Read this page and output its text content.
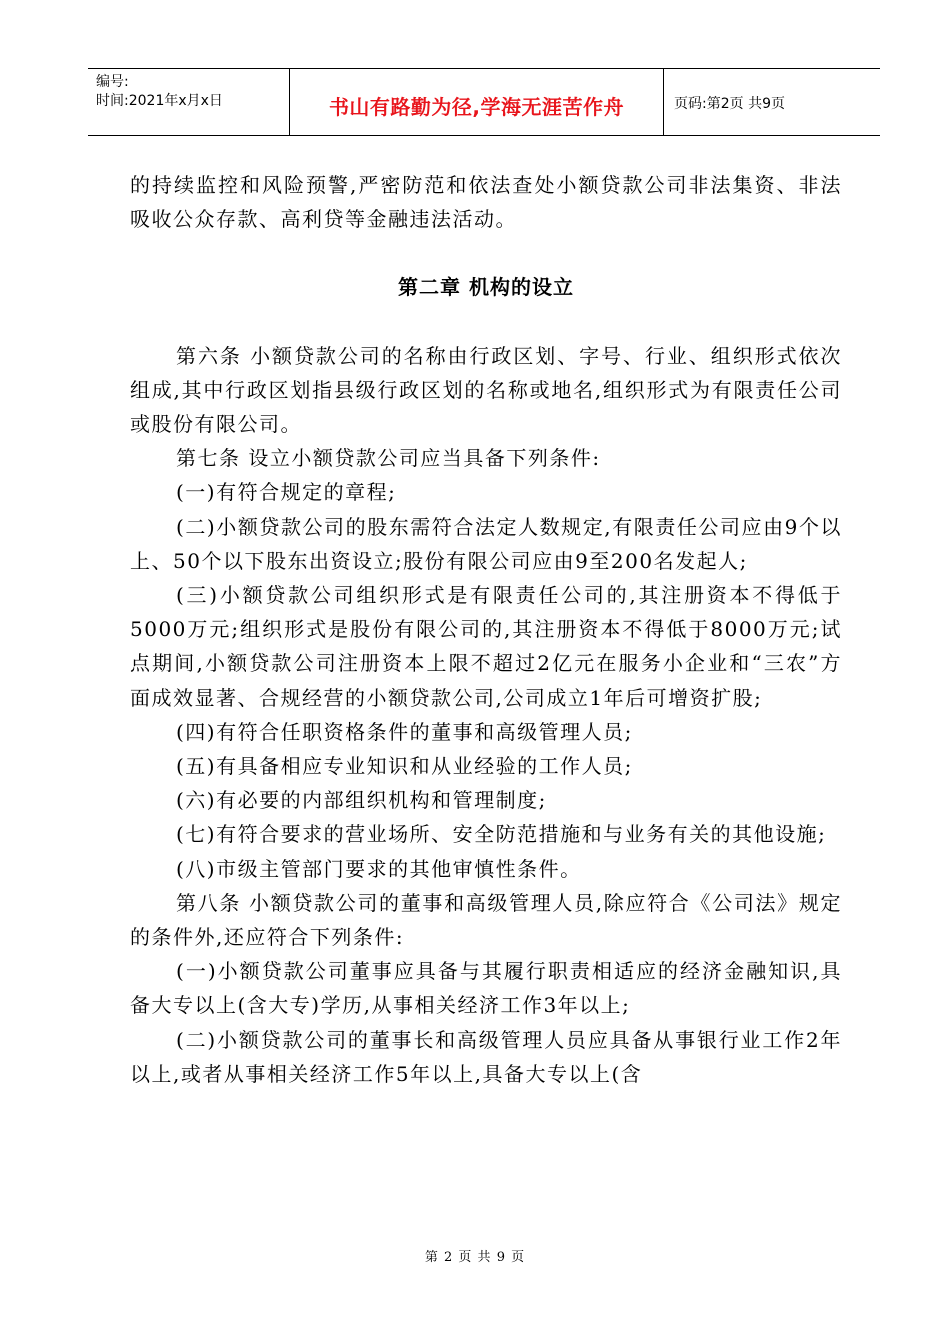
编号:
时间:2021年x月x日	书山有路勤为径,学海无涯苦作舟	页码:第2页 共9页

的持续监控和风险预警,严密防范和依法查处小额贷款公司非法集资、非法吸收公众存款、高利贷等金融违法活动。

第二章 机构的设立

第六条 小额贷款公司的名称由行政区划、字号、行业、组织形式依次组成,其中行政区划指县级行政区划的名称或地名,组织形式为有限责任公司或股份有限公司。

第七条 设立小额贷款公司应当具备下列条件:

(一)有符合规定的章程;

(二)小额贷款公司的股东需符合法定人数规定,有限责任公司应由9个以上、50个以下股东出资设立;股份有限公司应由9至200名发起人;

(三)小额贷款公司组织形式是有限责任公司的,其注册资本不得低于5000万元;组织形式是股份有限公司的,其注册资本不得低于8000万元;试点期间,小额贷款公司注册资本上限不超过2亿元在服务小企业和“三农”方面成效显著、合规经营的小额贷款公司,公司成立1年后可增资扩股;

(四)有符合任职资格条件的董事和高级管理人员;

(五)有具备相应专业知识和从业经验的工作人员;

(六)有必要的内部组织机构和管理制度;

(七)有符合要求的营业场所、安全防范措施和与业务有关的其他设施;

(八)市级主管部门要求的其他审慎性条件。

第八条 小额贷款公司的董事和高级管理人员,除应符合《公司法》规定的条件外,还应符合下列条件:

(一)小额贷款公司董事应具备与其履行职责相适应的经济金融知识,具备大专以上(含大专)学历,从事相关经济工作3年以上;

(二)小额贷款公司的董事长和高级管理人员应具备从事银行业工作2年以上,或者从事相关经济工作5年以上,具备大专以上(含

第 2 页 共 9 页
